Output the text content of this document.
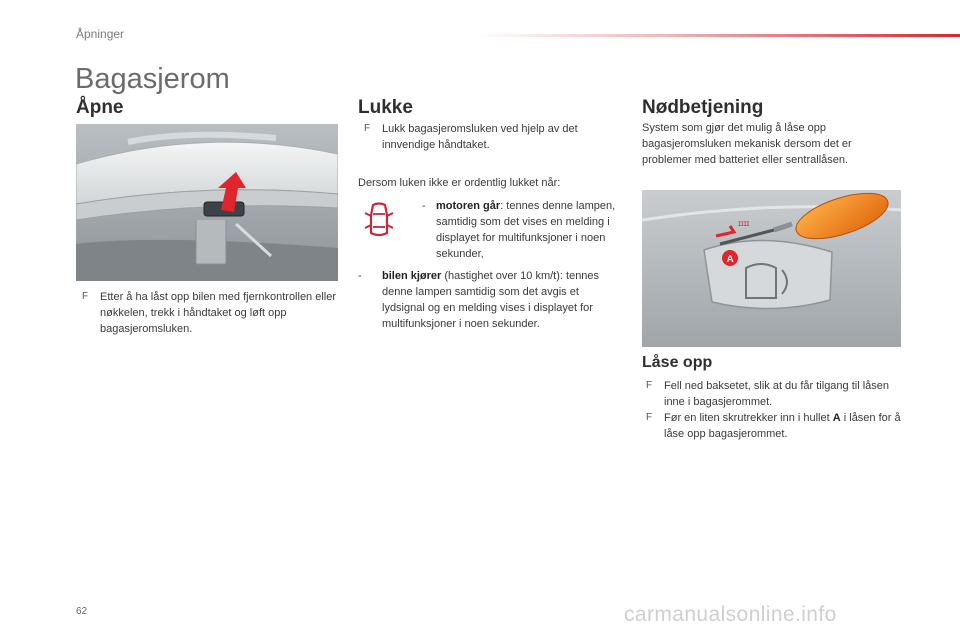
Åpninger
Bagasjerom
Åpne
F	Etter å ha låst opp bilen med fjernkontrollen eller nøkkelen, trekk i håndtaket og løft opp bagasjeromsluken.
Lukke
F	Lukk bagasjeromsluken ved hjelp av det innvendige håndtaket.
Dersom luken ikke er ordentlig lukket når:
- motoren går: tennes denne lampen, samtidig som det vises en melding i displayet for multifunksjoner i noen sekunder,
-	bilen kjører (hastighet over 10 km/t): tennes denne lampen samtidig som det avgis et lydsignal og en melding vises i displayet for multifunksjoner i noen sekunder.
Nødbetjening
System som gjør det mulig å låse opp bagasjeromsluken mekanisk dersom det er problemer med batteriet eller sentrallåsen.
ɪɪɪɪ
A
Låse opp
F	Fell ned baksetet, slik at du får tilgang til låsen inne i bagasjerommet.
F	Før en liten skrutrekker inn i hullet A i låsen for å låse opp bagasjerommet.
62	carmanualsonline.info
